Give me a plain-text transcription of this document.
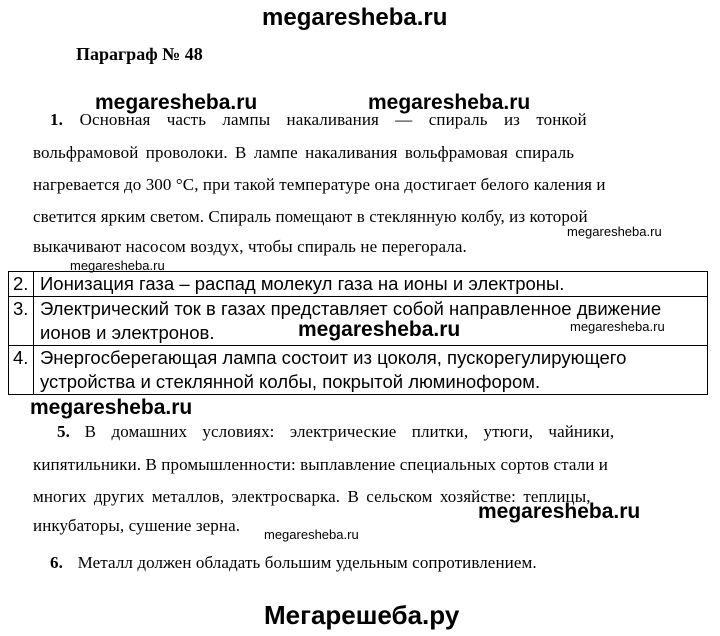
megaresheba.ru
Параграф № 48
megaresheba.ru	megaresheba.ru
1. Основная часть лампы накаливания — спираль из тонкой
вольфрамовой проволоки. В лампе накаливания вольфрамовая спираль
нагревается до 300 °С, при такой температуре она достигает белого каления и
светится ярким светом. Спираль помещают в стеклянную колбу, из которой
выкачивают насосом воздух, чтобы спираль не перегорала.
megaresheba.ru
megaresheba.ru
2.	Ионизация газа – распад молекул газа на ионы и электроны.
3.	Электрический ток в газах представляет собой направленное движение
ионов и электронов.

4.	Энергосберегающая лампа состоит из цоколя, пускорегулирующего
устройства и стеклянной колбы, покрытой люминофором.
megaresheba.ru	megaresheba.ru
megaresheba.ru
5. В домашних условиях: электрические плитки, утюги, чайники,
кипятильники. В промышленности: выплавление специальных сортов стали и
многих других металлов, электросварка. В сельском хозяйстве: теплицы,
инкубаторы, сушение зерна.
megaresheba.ru
megaresheba.ru
6. Металл должен обладать большим удельным сопротивлением.
Мегарешеба.ру
